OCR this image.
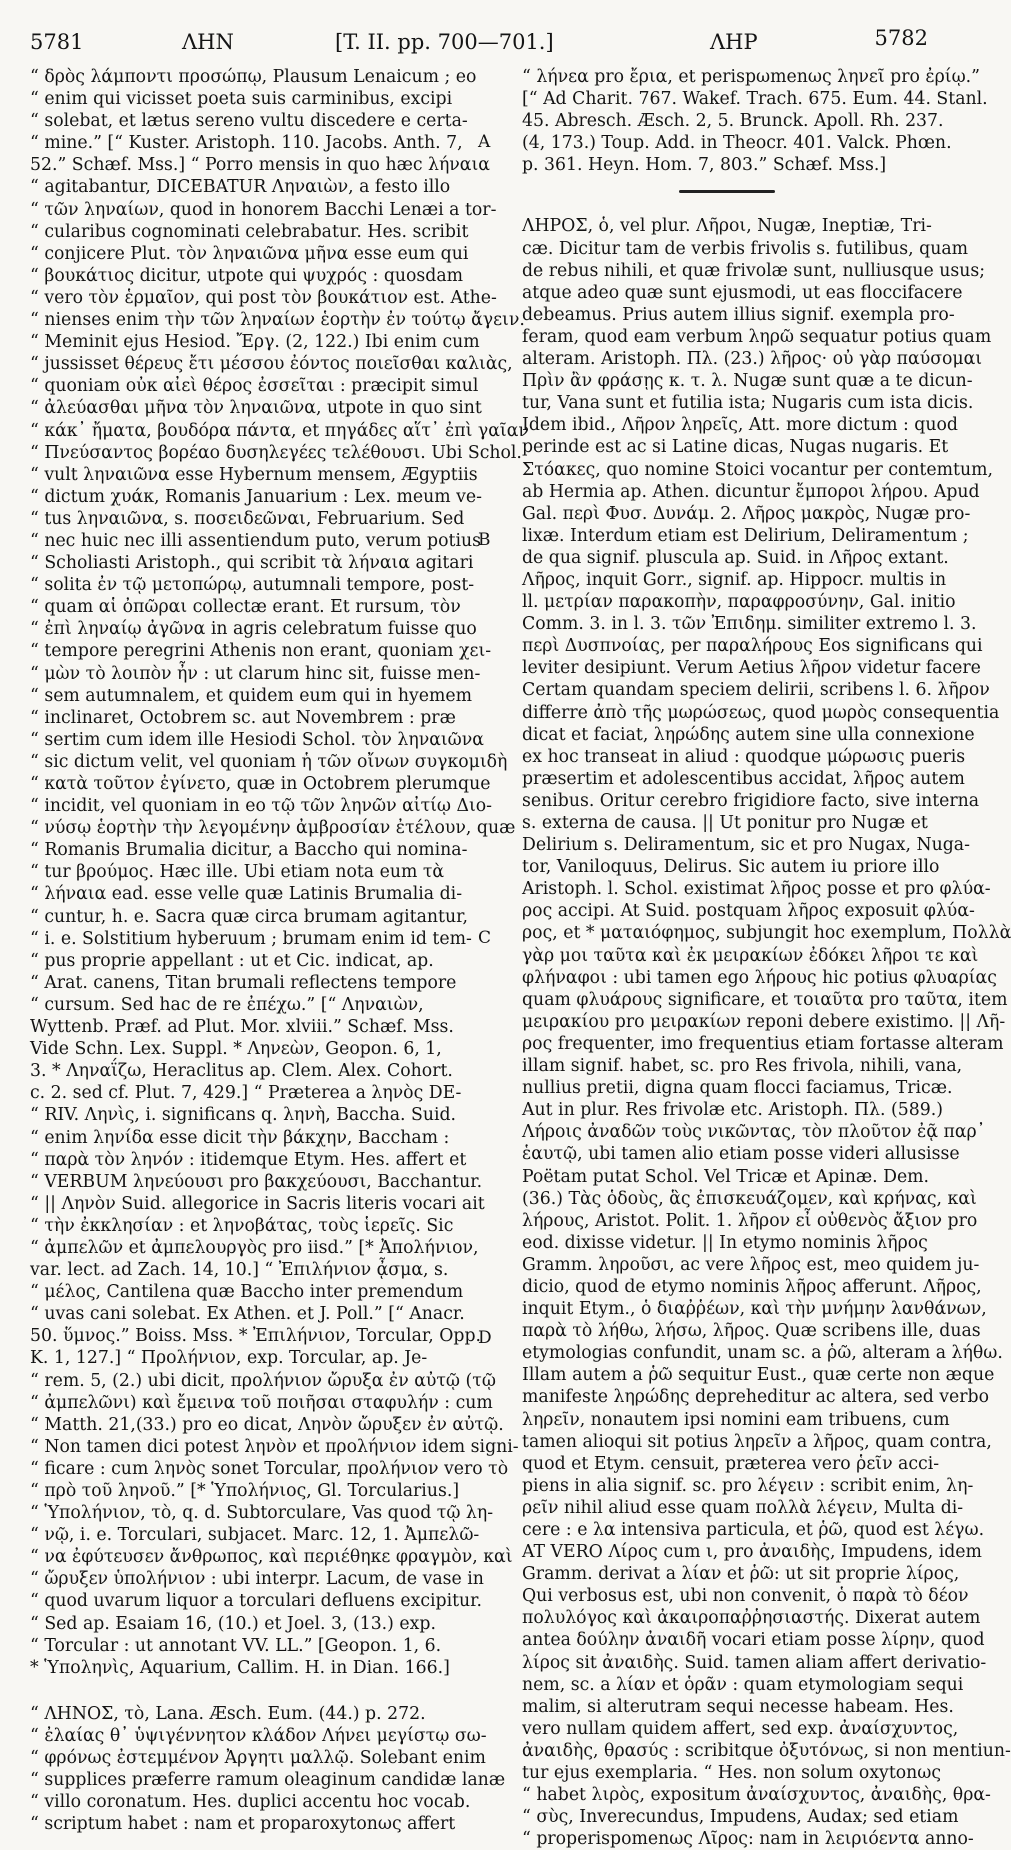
5781	ΛΗΝ	[T. II. pp. 700—701.]	ΛΗΡ	5782
“ δρὸς λάμποντι προσώπῳ, Plausum Lenaicum ; eo
“ enim qui vicisset poeta suis carminibus, excipi
“ solebat, et lætus sereno vultu discedere e certa-
“ mine.” [“ Kuster. Aristoph. 110. Jacobs. Anth. 7,
52.” Schæf. Mss.] “ Porro mensis in quo hæc λήναια
“ agitabantur, DICEBATUR Ληναιὼν, a festo illo
“ τῶν ληναίων, quod in honorem Bacchi Lenæi a tor-
“ cularibus cognominati celebrabatur. Hes. scribit
“ conjicere Plut. τὸν ληναιῶνα μῆνα esse eum qui
“ βουκάτιος dicitur, utpote qui ψυχρός : quosdam
“ vero τὸν ἑρμαῖον, qui post τὸν βουκάτιον est. Athe-
“ nienses enim τὴν τῶν ληναίων ἑορτὴν ἐν τούτῳ ἄγειν.
“ Meminit ejus Hesiod. Ἔργ. (2, 122.) Ibi enim cum
“ jussisset θέρευς ἔτι μέσσου ἐόντος ποιεῖσθαι καλιὰς,
“ quoniam οὐκ αἰεὶ θέρος ἐσσεῖται : præcipit simul
“ ἀλεύασθαι μῆνα τὸν ληναιῶνα, utpote in quo sint
“ κάκ᾽ ἤματα, βουδόρα πάντα, et πηγάδες αἵτ᾽ ἐπὶ γαῖαν
“ Πνεύσαντος βορέαο δυσηλεγέες τελέθουσι. Ubi Schol.
“ vult ληναιῶνα esse Hybernum mensem, Ægyptiis
“ dictum χυάκ, Romanis Januarium : Lex. meum ve-
“ tus ληναιῶνα, s. ποσειδεῶναι, Februarium. Sed
“ nec huic nec illi assentiendum puto, verum potius
“ Scholiasti Aristoph., qui scribit τὰ λήναια agitari
“ solita ἐν τῷ μετοπώρῳ, autumnali tempore, post-
“ quam αἱ ὀπῶραι collectæ erant. Et rursum, τὸν
“ ἐπὶ ληναίῳ ἀγῶνα in agris celebratum fuisse quo
“ tempore peregrini Athenis non erant, quoniam χει-
“ μὼν τὸ λοιπὸν ἦν : ut clarum hinc sit, fuisse men-
“ sem autumnalem, et quidem eum qui in hyemem
“ inclinaret, Octobrem sc. aut Novembrem : præ
“ sertim cum idem ille Hesiodi Schol. τὸν ληναιῶνα
“ sic dictum velit, vel quoniam ἡ τῶν οἴνων συγκομιδὴ
“ κατὰ τοῦτον ἐγίνετο, quæ in Octobrem plerumque
“ incidit, vel quoniam in eo τῷ τῶν ληνῶν αἰτίῳ Διο-
“ νύσῳ ἑορτὴν τὴν λεγομένην ἀμβροσίαν ἐτέλουν, quæ
“ Romanis Brumalia dicitur, a Baccho qui nomina-
“ tur βρούμος. Hæc ille. Ubi etiam nota eum τὰ
“ λήναια ead. esse velle quæ Latinis Brumalia di-
“ cuntur, h. e. Sacra quæ circa brumam agitantur,
“ i. e. Solstitium hyberuum ; brumam enim id tem-
“ pus proprie appellant : ut et Cic. indicat, ap.
“ Arat. canens, Titan brumali reflectens tempore
“ cursum. Sed hac de re ἐπέχω.” [“ Ληναιὼν,
Wyttenb. Præf. ad Plut. Mor. xlviii.” Schæf. Mss.
Vide Schn. Lex. Suppl. * Ληνεὼν, Geopon. 6, 1,
3. * Ληναΐζω, Heraclitus ap. Clem. Alex. Cohort.
c. 2. sed cf. Plut. 7, 429.] “ Præterea a ληνὸς DE-
“ RIV. Ληνὶς, i. significans q. ληνὴ, Baccha. Suid.
“ enim ληνίδα esse dicit τὴν βάκχην, Baccham :
“ παρὰ τὸν ληνόν : itidemque Etym. Hes. affert et
“ VERBUM ληνεύουσι pro βακχεύουσι, Bacchantur.
“ || Ληνὸν Suid. allegorice in Sacris literis vocari ait
“ τὴν ἐκκλησίαν : et ληνοβάτας, τοὺς ἱερεῖς. Sic
“ ἀμπελῶν et ἀμπελουργὸς pro iisd.” [* Ἀπολήνιον,
var. lect. ad Zach. 14, 10.] “ Ἐπιλήνιον ᾆσμα, s.
“ μέλος, Cantilena quæ Baccho inter premendum
“ uvas cani solebat. Ex Athen. et J. Poll.” [“ Anacr.
50. ὕμνος.” Boiss. Mss. * Ἐπιλήνιον, Torcular, Opp.
K. 1, 127.] “ Προλήνιον, exp. Torcular, ap. Je-
“ rem. 5, (2.) ubi dicit, προλήνιον ὤρυξα ἐν αὐτῷ (τῷ
“ ἀμπελῶνι) καὶ ἔμεινα τοῦ ποιῆσαι σταφυλήν : cum
“ Matth. 21,(33.) pro eo dicat, Ληνὸν ὤρυξεν ἐν αὐτῷ.
“ Non tamen dici potest ληνὸν et προλήνιον idem signi-
“ ficare : cum ληνὸς sonet Torcular, προλήνιον vero τὸ
“ πρὸ τοῦ ληνοῦ.” [* Ὑπολήνιος, Gl. Torcularius.]
“ Ὑπολήνιον, τὸ, q. d. Subtorculare, Vas quod τῷ λη-
“ νῷ, i. e. Torculari, subjacet. Marc. 12, 1. Ἀμπελῶ-
“ να ἐφύτευσεν ἄνθρωπος, καὶ περιέθηκε φραγμὸν, καὶ
“ ὤρυξεν ὑπολήνιον : ubi interpr. Lacum, de vase in
“ quod uvarum liquor a torculari defluens excipitur.
“ Sed ap. Esaiam 16, (10.) et Joel. 3, (13.) exp.
“ Torcular : ut annotant VV. LL.” [Geopon. 1, 6.
* Ὑποληνὶς, Aquarium, Callim. H. in Dian. 166.]
“ ΛΗΝΟΣ, τὸ, Lana. Æsch. Eum. (44.) p. 272.
“ ἐλαίας θ᾽ ὑψιγέννητον κλάδον Λήνει μεγίστῳ σω-
“ φρόνως ἐστεμμένον Ἀργητι μαλλῷ. Solebant enim
“ supplices præferre ramum oleaginum candidæ lanæ
“ villo coronatum. Hes. duplici accentu hoc vocab.
“ scriptum habet : nam et proparoxytonως affert
A
B
C
D
“ λήνεα pro ἔρια, et perispωmenως ληνεῖ pro ἐρίῳ.”
[“ Ad Charit. 767. Wakef. Trach. 675. Eum. 44. Stanl.
45. Abresch. Æsch. 2, 5. Brunck. Apoll. Rh. 237.
(4, 173.) Toup. Add. in Theocr. 401. Valck. Phœn.
p. 361. Heyn. Hom. 7, 803.” Schæf. Mss.]
ΛΗΡΟΣ, ὁ, vel plur. Λῆροι, Nugæ, Ineptiæ, Tri-
cæ. Dicitur tam de verbis frivolis s. futilibus, quam
de rebus nihili, et quæ frivolæ sunt, nulliusque usus;
atque adeo quæ sunt ejusmodi, ut eas floccifacere
debeamus. Prius autem illius signif. exempla pro-
feram, quod eam verbum ληρῶ sequatur potius quam
alteram. Aristoph. Πλ. (23.) λῆρος· οὐ γὰρ παύσομαι
Πρὶν ἂν φράσῃς κ. τ. λ. Nugæ sunt quæ a te dicun-
tur, Vana sunt et futilia ista; Nugaris cum ista dicis.
Idem ibid., Λῆρον ληρεῖς, Att. more dictum : quod
perinde est ac si Latine dicas, Nugas nugaris. Et
Στόακες, quo nomine Stoici vocantur per contemtum,
ab Hermia ap. Athen. dicuntur ἔμποροι λήρου. Apud
Gal. περὶ Φυσ. Δυνάμ. 2. Λῆρος μακρὸς, Nugæ pro-
lixæ. Interdum etiam est Delirium, Deliramentum ;
de qua signif. pluscula ap. Suid. in Λῆρος extant.
Λῆρος, inquit Gorr., signif. ap. Hippocr. multis in
ll. μετρίαν παρακοπὴν, παραφροσύνην, Gal. initio
Comm. 3. in l. 3. τῶν Ἐπιδημ. similiter extremo l. 3.
περὶ Δυσπνοίας, per παραλήρους Eos significans qui
leviter desipiunt. Verum Aetius λῆρον videtur facere
Certam quandam speciem delirii, scribens l. 6. λῆρον
differre ἀπὸ τῆς μωρώσεως, quod μωρὸς consequentia
dicat et faciat, ληρώδης autem sine ulla connexione
ex hoc transeat in aliud : quodque μώρωσις pueris
præsertim et adolescentibus accidat, λῆρος autem
senibus. Oritur cerebro frigidiore facto, sive interna
s. externa de causa. || Ut ponitur pro Nugæ et
Delirium s. Deliramentum, sic et pro Nugax, Nuga-
tor, Vaniloquus, Delirus. Sic autem iu priore illo
Aristoph. l. Schol. existimat λῆρος posse et pro φλύα-
ρος accipi. At Suid. postquam λῆρος exposuit φλύα-
ρος, et * ματαιόφημος, subjungit hoc exemplum, Πολλὰ
γὰρ μοι ταῦτα καὶ ἐκ μειρακίων ἐδόκει λῆροι τε καὶ
φλήναφοι : ubi tamen ego λήρους hic potius φλυαρίας
quam φλυάρους significare, et τοιαῦτα pro ταῦτα, item
μειρακίου pro μειρακίων reponi debere existimo. || Λῆ-
ρος frequenter, imo frequentius etiam fortasse alteram
illam signif. habet, sc. pro Res frivola, nihili, vana,
nullius pretii, digna quam flocci faciamus, Tricæ.
Aut in plur. Res frivolæ etc. Aristoph. Πλ. (589.)
Λήροις ἀναδῶν τοὺς νικῶντας, τὸν πλοῦτον ἐᾷ παρ᾽
ἑαυτῷ, ubi tamen alio etiam posse videri allusisse
Poëtam putat Schol. Vel Tricæ et Apinæ. Dem.
(36.) Τὰς ὁδοὺς, ἃς ἐπισκευάζομεν, καὶ κρήνας, καὶ
λήρους, Aristot. Polit. 1. λῆρον εἶ οὐθενὸς ἄξιον pro
eod. dixisse videtur. || In etymo nominis λῆρος
Gramm. ληροῦσι, ac vere λῆρος est, meo quidem ju-
dicio, quod de etymo nominis λῆρος afferunt. Λῆρος,
inquit Etym., ὁ διαῤῥέων, καὶ τὴν μνήμην λανθάνων,
παρὰ τὸ λήθω, λήσω, λῆρος. Quæ scribens ille, duas
etymologias confundit, unam sc. a ῥῶ, alteram a λήθω.
Illam autem a ῥῶ sequitur Eust., quæ certe non æque
manifeste ληρώδης depreheditur ac altera, sed verbo
ληρεῖν, nonautem ipsi nomini eam tribuens, cum
tamen alioqui sit potius ληρεῖν a λῆρος, quam contra,
quod et Etym. censuit, præterea vero ῥεῖν acci-
piens in alia signif. sc. pro λέγειν : scribit enim, λη-
ρεῖν nihil aliud esse quam πολλὰ λέγειν, Multa di-
cere : e λα intensiva particula, et ῥῶ, quod est λέγω.
AT VERO Λίρος cum ι, pro ἀναιδὴς, Impudens, idem
Gramm. derivat a λίαν et ῥῶ: ut sit proprie λίρος,
Qui verbosus est, ubi non convenit, ὁ παρὰ τὸ δέον
πολυλόγος καὶ ἀκαιροπαῤῥησιαστής. Dixerat autem
antea δούλην ἀναιδῆ vocari etiam posse λίρην, quod
λίρος sit ἀναιδὴς. Suid. tamen aliam affert derivatio-
nem, sc. a λίαν et ὁρᾶν : quam etymologiam sequi
malim, si alterutram sequi necesse habeam. Hes.
vero nullam quidem affert, sed exp. ἀναίσχυντος,
ἀναιδὴς, θρασύς : scribitque ὀξυτόνως, si non mentiun-
tur ejus exemplaria. “ Hes. non solum oxytonως
“ habet λιρὸς, expositum ἀναίσχυντος, ἀναιδὴς, θρα-
“ σὺς, Inverecundus, Impudens, Audax; sed etiam
“ properispomenως Λῖρος: nam in λειριόεντα anno-
